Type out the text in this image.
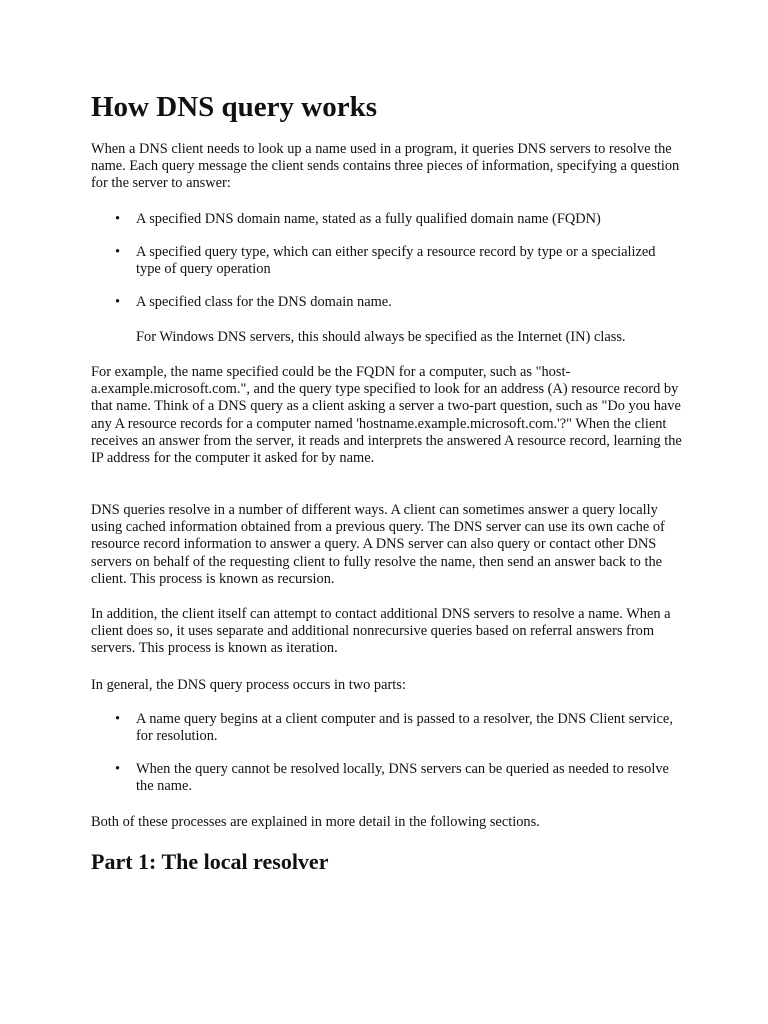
How DNS query works

When a DNS client needs to look up a name used in a program, it queries DNS servers to resolve the name. Each query message the client sends contains three pieces of information, specifying a question for the server to answer:

•	A specified DNS domain name, stated as a fully qualified domain name (FQDN)
•	A specified query type, which can either specify a resource record by type or a specialized type of query operation
•	A specified class for the DNS domain name.

For Windows DNS servers, this should always be specified as the Internet (IN) class.

For example, the name specified could be the FQDN for a computer, such as "host-a.example.microsoft.com.", and the query type specified to look for an address (A) resource record by that name. Think of a DNS query as a client asking a server a two-part question, such as "Do you have any A resource records for a computer named 'hostname.example.microsoft.com.'?" When the client receives an answer from the server, it reads and interprets the answered A resource record, learning the IP address for the computer it asked for by name.

DNS queries resolve in a number of different ways. A client can sometimes answer a query locally using cached information obtained from a previous query. The DNS server can use its own cache of resource record information to answer a query. A DNS server can also query or contact other DNS servers on behalf of the requesting client to fully resolve the name, then send an answer back to the client. This process is known as recursion.

In addition, the client itself can attempt to contact additional DNS servers to resolve a name. When a client does so, it uses separate and additional nonrecursive queries based on referral answers from servers. This process is known as iteration.

In general, the DNS query process occurs in two parts:

•	A name query begins at a client computer and is passed to a resolver, the DNS Client service, for resolution.
•	When the query cannot be resolved locally, DNS servers can be queried as needed to resolve the name.

Both of these processes are explained in more detail in the following sections.

Part 1: The local resolver
